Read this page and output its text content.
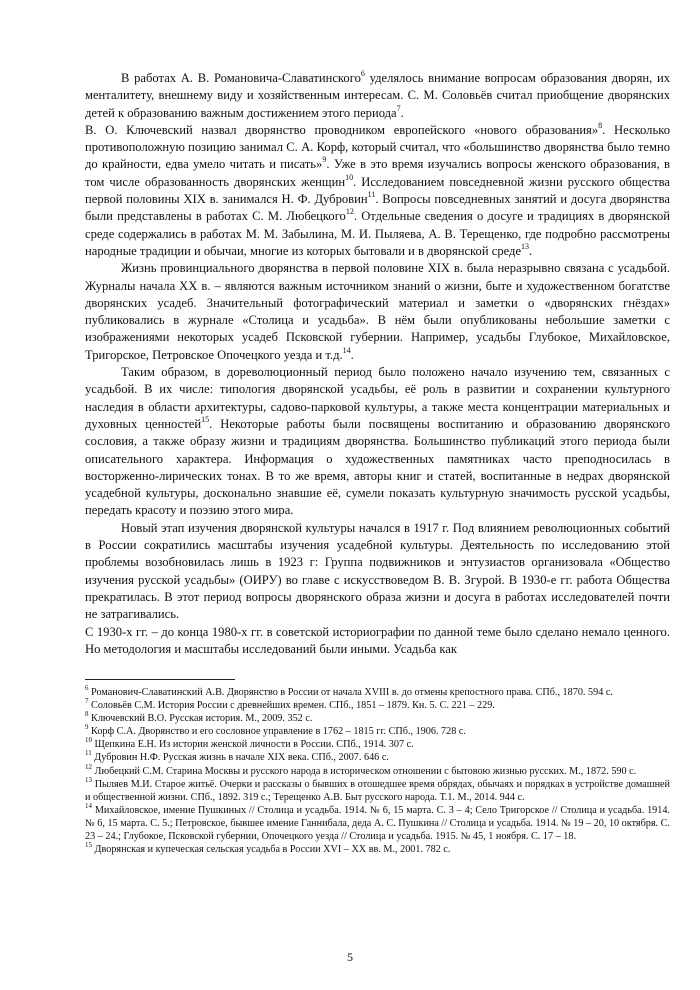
В работах А. В. Романовича-Славатинского$^6$ уделялось внимание вопросам образования дворян, их менталитету, внешнему виду и хозяйственным интересам. С. М. Соловьёв считал приобщение дворянских детей к образованию важным достижением этого периода$^7$.

В. О. Ключевский назвал дворянство проводником европейского «нового образования»$^8$. Несколько противоположную позицию занимал С. А. Корф, который считал, что «большинство дворянства было темно до крайности, едва умело читать и писать»$^9$. Уже в это время изучались вопросы женского образования, в том числе образованность дворянских женщин$^{10}$. Исследованием повседневной жизни русского общества первой половины XIX в. занимался Н. Ф. Дубровин$^{11}$. Вопросы повседневных занятий и досуга дворянства были представлены в работах С. М. Любецкого$^{12}$. Отдельные сведения о досуге и традициях в дворянской среде содержались в работах М. М. Забылина, М. И. Пыляева, А. В. Терещенко, где подробно рассмотрены народные традиции и обычаи, многие из которых бытовали и в дворянской среде$^{13}$.

Жизнь провинциального дворянства в первой половине XIX в. была неразрывно связана с усадьбой. Журналы начала XX в. – являются важным источником знаний о жизни, быте и художественном богатстве дворянских усадеб. Значительный фотографический материал и заметки о «дворянских гнёздах» публиковались в журнале «Столица и усадьба». В нём были опубликованы небольшие заметки с изображениями некоторых усадеб Псковской губернии. Например, усадьбы Глубокое, Михайловское, Тригорское, Петровское Опочецкого уезда и т.д.$^{14}$.

Таким образом, в дореволюционный период было положено начало изучению тем, связанных с усадьбой. В их числе: типология дворянской усадьбы, её роль в развитии и сохранении культурного наследия в области архитектуры, садово-парковой культуры, а также места концентрации материальных и духовных ценностей$^{15}$. Некоторые работы были посвящены воспитанию и образованию дворянского сословия, а также образу жизни и традициям дворянства. Большинство публикаций этого периода были описательного характера. Информация о художественных памятниках часто преподносилась в восторженно-лирических тонах. В то же время, авторы книг и статей, воспитанные в недрах дворянской усадебной культуры, досконально знавшие её, сумели показать культурную значимость русской усадьбы, передать красоту и поэзию этого мира.

Новый этап изучения дворянской культуры начался в 1917 г. Под влиянием революционных событий в России сократились масштабы изучения усадебной культуры. Деятельность по исследованию этой проблемы возобновилась лишь в 1923 г: Группа подвижников и энтузиастов организовала «Общество изучения русской усадьбы» (ОИРУ) во главе с искусствоведом В. В. Згурой. В 1930-е гг. работа Общества прекратилась. В этот период вопросы дворянского образа жизни и досуга в работах исследователей почти не затрагивались.

С 1930-х гг. – до конца 1980-х гг. в советской историографии по данной теме было сделано немало ценного. Но методология и масштабы исследований были иными. Усадьба как

$^6$ Романович-Славатинский А.В. Дворянство в России от начала XVIII в. до отмены крепостного права. СПб., 1870. 594 с.

$^7$ Соловьёв С.М. История России с древнейших времен. СПб., 1851 – 1879. Кн. 5. С. 221 – 229.

$^8$ Ключевский В.О. Русская история. М., 2009. 352 с.

$^9$ Корф С.А. Дворянство и его сословное управление в 1762 – 1815 гг. СПб., 1906. 728 с.

$^{10}$ Щепкина Е.Н. Из истории женской личности в России. СПб., 1914. 307 с.

$^{11}$ Дубровин Н.Ф. Русская жизнь в начале XIX века. СПб., 2007. 646 с.

$^{12}$ Любецкий С.М. Старина Москвы и русского народа в историческом отношении с бытовою жизнью русских. М., 1872. 590 с.

$^{13}$ Пыляев М.И. Старое житьё. Очерки и рассказы о бывших в отошедшее время обрядах, обычаях и порядках в устройстве домашней и общественной жизни. СПб., 1892. 319 с.; Терещенко А.В. Быт русского народа. Т.1. М., 2014. 944 с.

$^{14}$ Михайловское, имение Пушкиных // Столица и усадьба. 1914. № 6, 15 марта. С. 3 – 4; Село Тригорское // Столица и усадьба. 1914. № 6, 15 марта. С. 5.; Петровское, бывшее имение Ганнибала, деда А. С. Пушкина // Столица и усадьба. 1914. № 19 – 20, 10 октября. С. 23 – 24.; Глубокое, Псковской губернии, Опочецкого уезда // Столица и усадьба. 1915. № 45, 1 ноября. С. 17 – 18.

$^{15}$ Дворянская и купеческая сельская усадьба в России XVI – XX вв. М., 2001. 782 с.

5
